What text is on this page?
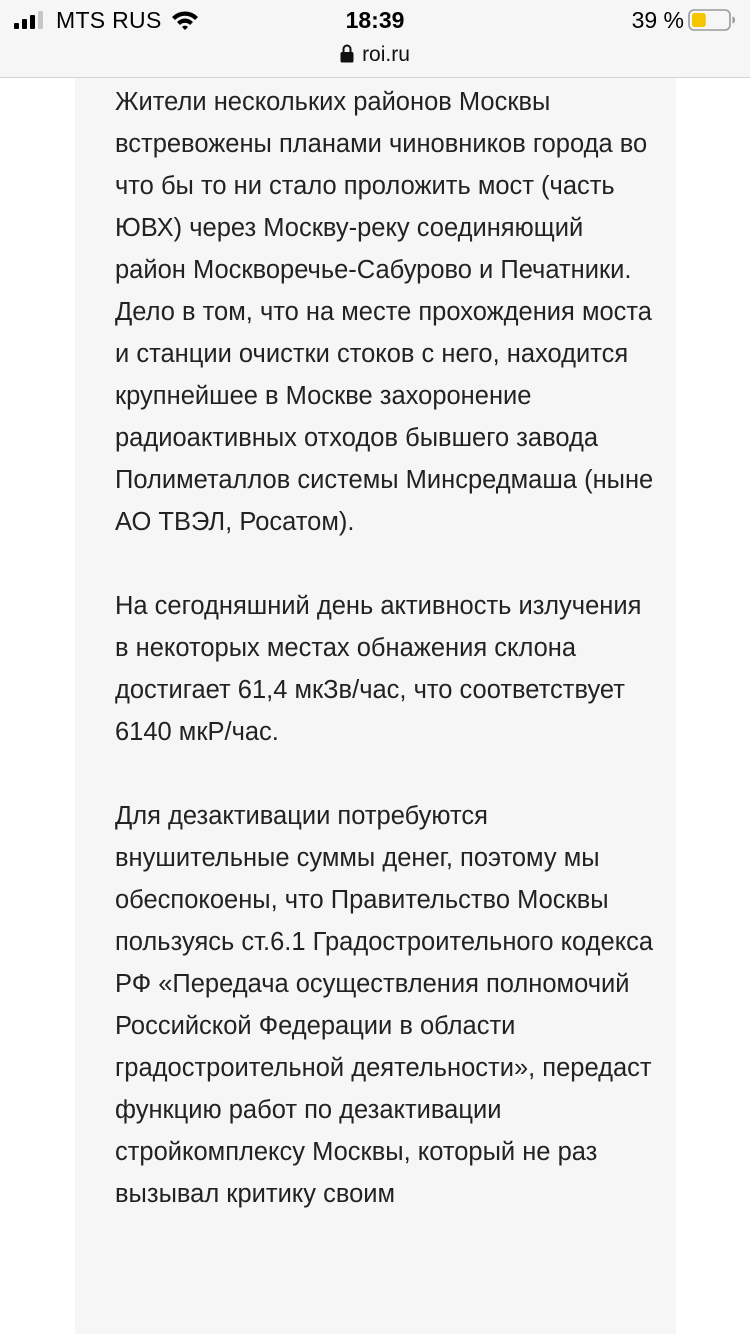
MTS RUS	18:39	39 %
roi.ru

Жители нескольких районов Москвы встревожены планами чиновников города во что бы то ни стало проложить мост (часть ЮВХ) через Москву-реку соединяющий район Москворечье-Сабурово и Печатники. Дело в том, что на месте прохождения моста и станции очистки стоков с него, находится крупнейшее в Москве захоронение радиоактивных отходов бывшего завода Полиметаллов системы Минсредмаша (ныне АО ТВЭЛ, Росатом).

На сегодняшний день активность излучения в некоторых местах обнажения склона достигает 61,4 мкЗв/час, что соответствует 6140 мкР/час.

Для дезактивации потребуются внушительные суммы денег, поэтому мы обеспокоены, что Правительство Москвы пользуясь ст.6.1 Градостроительного кодекса РФ «Передача осуществления полномочий Российской Федерации в области градостроительной деятельности», передаст функцию работ по дезактивации стройкомплексу Москвы, который не раз вызывал критику своим
